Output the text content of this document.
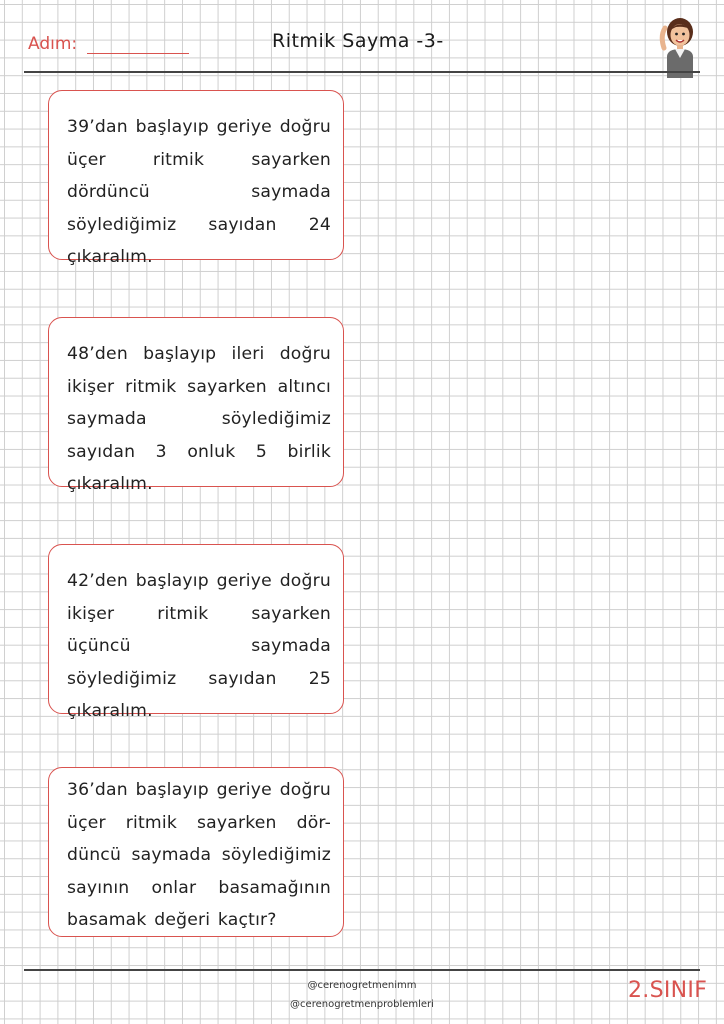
Adım:	Ritmik Sayma -3-

39’dan başlayıp geriye doğru üçer ritmik sayarken dördüncü saymada söylediğimiz sayıdan 24 çıkaralım.

48’den başlayıp ileri doğru ikişer ritmik sayarken altıncı saymada söylediğimiz sayıdan 3 onluk 5 birlik çıkaralım.

42’den başlayıp geriye doğru ikişer ritmik sayarken üçüncü saymada söylediğimiz sayıdan 25 çıkaralım.

36’dan başlayıp geriye doğru üçer ritmik sayarken dör- düncü saymada söylediğimiz sayının onlar basamağının basamak değeri kaçtır?

@cerenogretmenimm
@cerenogretmenproblemleri
2.SINIF
